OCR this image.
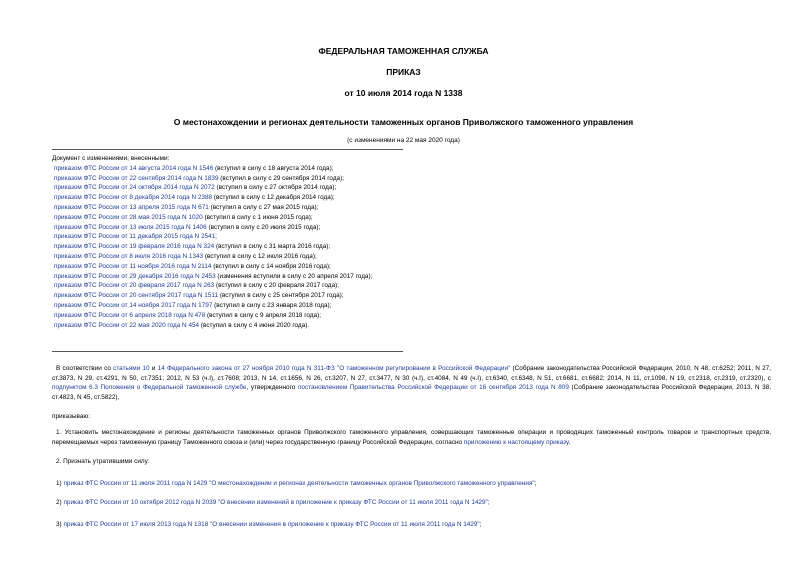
ФЕДЕРАЛЬНАЯ ТАМОЖЕННАЯ СЛУЖБА
ПРИКАЗ
от 10 июля 2014 года N 1338
О местонахождении и регионах деятельности таможенных органов Приволжского таможенного управления
(с изменениями на 22 мая 2020 года)
Документ с изменениями, внесенными:
приказом ФТС России от 14 августа 2014 года N 1546 (вступил в силу с 18 августа 2014 года);
приказом ФТС России от 22 сентября 2014 года N 1839 (вступил в силу с 29 сентября 2014 года);
приказом ФТС России от 24 октября 2014 года N 2072 (вступил в силу с 27 октября 2014 года);
приказом ФТС России от 8 декабря 2014 года N 2388 (вступил в силу с 12 декабря 2014 года);
приказом ФТС России от 13 апреля 2015 года N 671 (вступил в силу с 27 мая 2015 года);
приказом ФТС России от 28 мая 2015 года N 1020 (вступил в силу с 1 июня 2015 года);
приказом ФТС России от 13 июля 2015 года N 1406 (вступил в силу с 20 июля 2015 года);
приказом ФТС России от 11 декабря 2015 года N 2541;
приказом ФТС России от 19 февраля 2016 года N 324 (вступил в силу с 31 марта 2016 года);
приказом ФТС России от 8 июля 2016 года N 1343 (вступил в силу с 12 июля 2016 года);
приказом ФТС России от 11 ноября 2016 года N 2114 (вступил в силу с 14 ноября 2016 года);
приказом ФТС России от 29 декабря 2016 года N 2453 (изменения вступили в силу с 20 апреля 2017 года);
приказом ФТС России от 20 февраля 2017 года N 263 (вступил в силу с 20 февраля 2017 года);
приказом ФТС России от 20 сентября 2017 года N 1511 (вступил в силу с 25 сентября 2017 года);
приказом ФТС России от 14 ноября 2017 года N 1797 (вступил в силу с 23 января 2018 года);
приказом ФТС России от 6 апреля 2018 года N 478 (вступил в силу с 9 апреля 2018 года);
приказом ФТС России от 22 мая 2020 года N 454 (вступил в силу с 4 июня 2020 года).
В соответствии со статьями 10 и 14 Федерального закона от 27 ноября 2010 года N 311-ФЗ "О таможенном регулировании в Российской Федерации" (Собрание законодательства Российской Федерации, 2010, N 48, ст.6252; 2011, N 27, ст.3873, N 29, ст.4291, N 50, ст.7351; 2012, N 53 (ч.I), ст.7608; 2013, N 14, ст.1656, N 26, ст.3207, N 27, ст.3477, N 30 (ч.I), ст.4084, N 49 (ч.I), ст.6340, ст.6348, N 51, ст.6681, ст.6682; 2014, N 11, ст.1098, N 19, ст.2318, ст.2319, ст.2320), с подпунктом 6.3 Положения о Федеральной таможенной службе, утвержденного постановлением Правительства Российской Федерации от 16 сентября 2013 года N 809 (Собрание законодательства Российской Федерации, 2013, N 38, ст.4823, N 45, ст.5822),
приказываю:
1. Установить местонахождение и регионы деятельности таможенных органов Приволжского таможенного управления, совершающих таможенные операции и проводящих таможенный контроль товаров и транспортных средств, перемещаемых через таможенную границу Таможенного союза и (или) через государственную границу Российской Федерации, согласно приложению к настоящему приказу.
2. Признать утратившими силу:
1) приказ ФТС России от 11 июля 2011 года N 1429 "О местонахождении и регионах деятельности таможенных органов Приволжского таможенного управления";
2) приказ ФТС России от 10 октября 2012 года N 2039 "О внесении изменений в приложение к приказу ФТС России от 11 июля 2011 года N 1429";
3) приказ ФТС России от 17 июля 2013 года N 1318 "О внесении изменения в приложение к приказу ФТС России от 11 июля 2011 года N 1429";
